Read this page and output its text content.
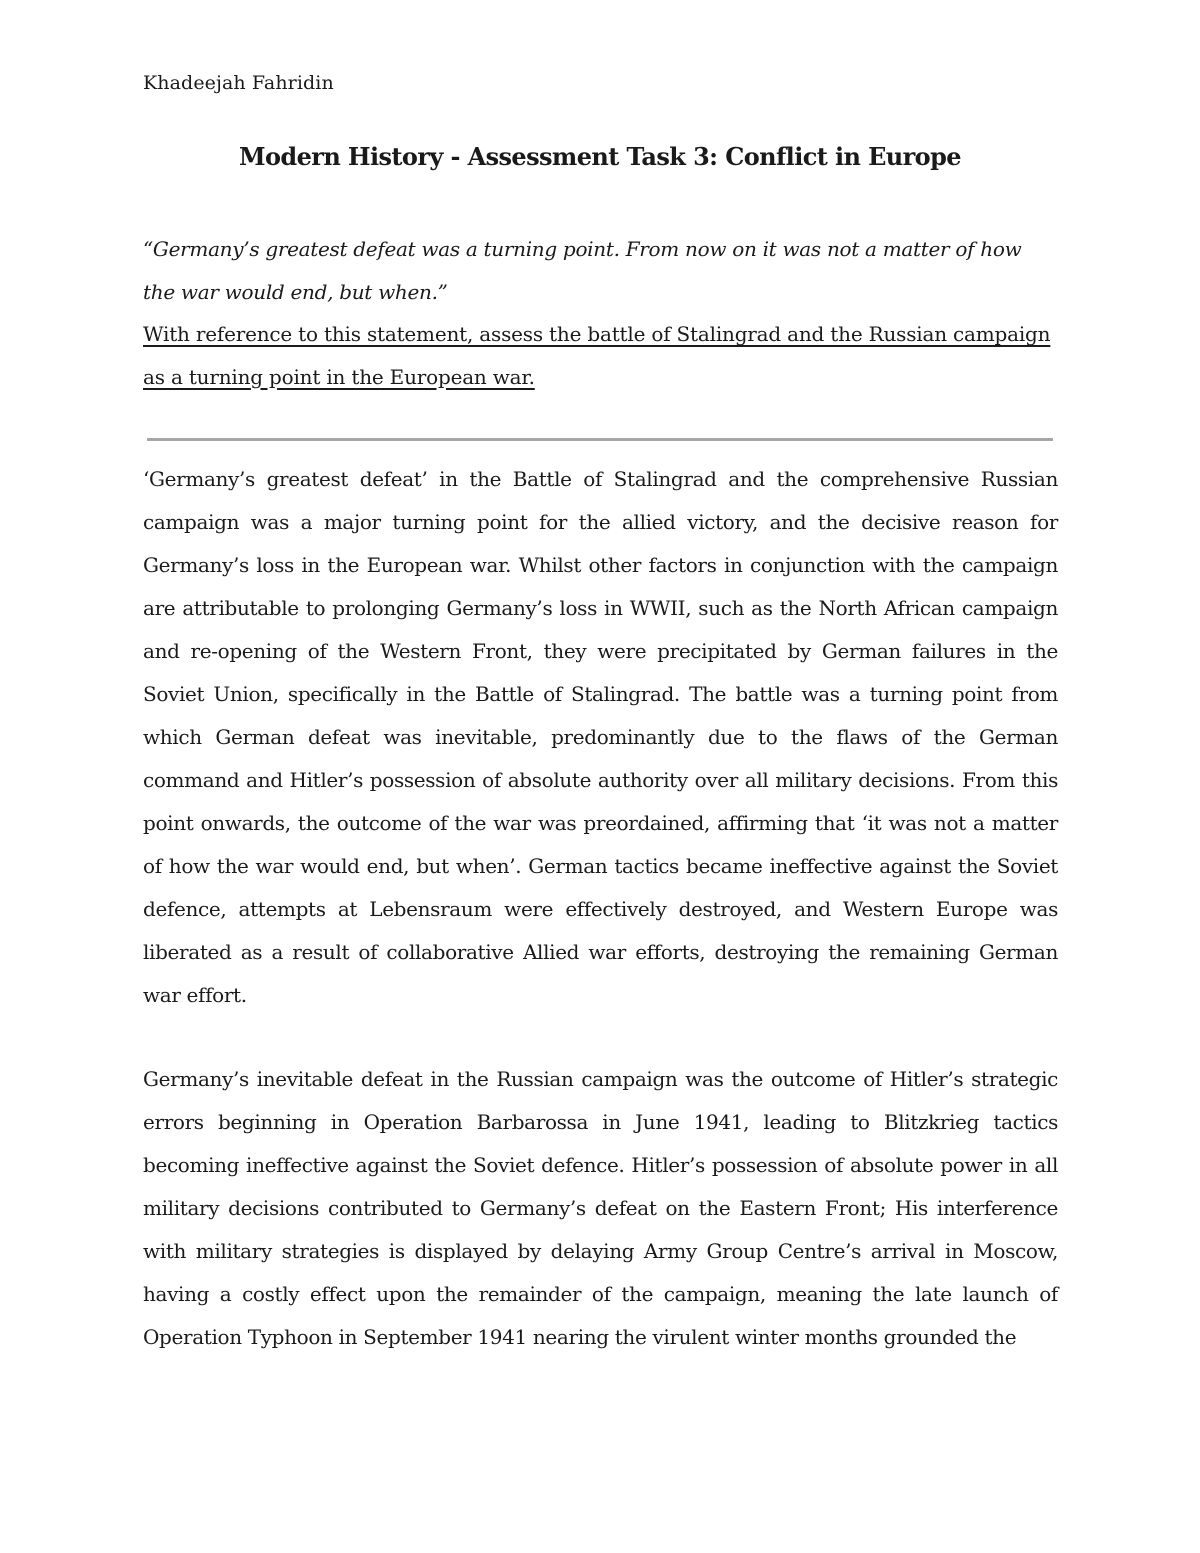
Khadeejah Fahridin
Modern History - Assessment Task 3: Conflict in Europe
“Germany’s greatest defeat was a turning point. From now on it was not a matter of how the war would end, but when.”
With reference to this statement, assess the battle of Stalingrad and the Russian campaign as a turning point in the European war.
‘Germany’s greatest defeat’ in the Battle of Stalingrad and the comprehensive Russian campaign was a major turning point for the allied victory, and the decisive reason for Germany’s loss in the European war. Whilst other factors in conjunction with the campaign are attributable to prolonging Germany’s loss in WWII, such as the North African campaign and re-opening of the Western Front, they were precipitated by German failures in the Soviet Union, specifically in the Battle of Stalingrad. The battle was a turning point from which German defeat was inevitable, predominantly due to the flaws of the German command and Hitler’s possession of absolute authority over all military decisions. From this point onwards, the outcome of the war was preordained, affirming that ‘it was not a matter of how the war would end, but when’. German tactics became ineffective against the Soviet defence, attempts at Lebensraum were effectively destroyed, and Western Europe was liberated as a result of collaborative Allied war efforts, destroying the remaining German war effort.
Germany’s inevitable defeat in the Russian campaign was the outcome of Hitler’s strategic errors beginning in Operation Barbarossa in June 1941, leading to Blitzkrieg tactics becoming ineffective against the Soviet defence. Hitler’s possession of absolute power in all military decisions contributed to Germany’s defeat on the Eastern Front; His interference with military strategies is displayed by delaying Army Group Centre’s arrival in Moscow, having a costly effect upon the remainder of the campaign, meaning the late launch of Operation Typhoon in September 1941 nearing the virulent winter months grounded the
